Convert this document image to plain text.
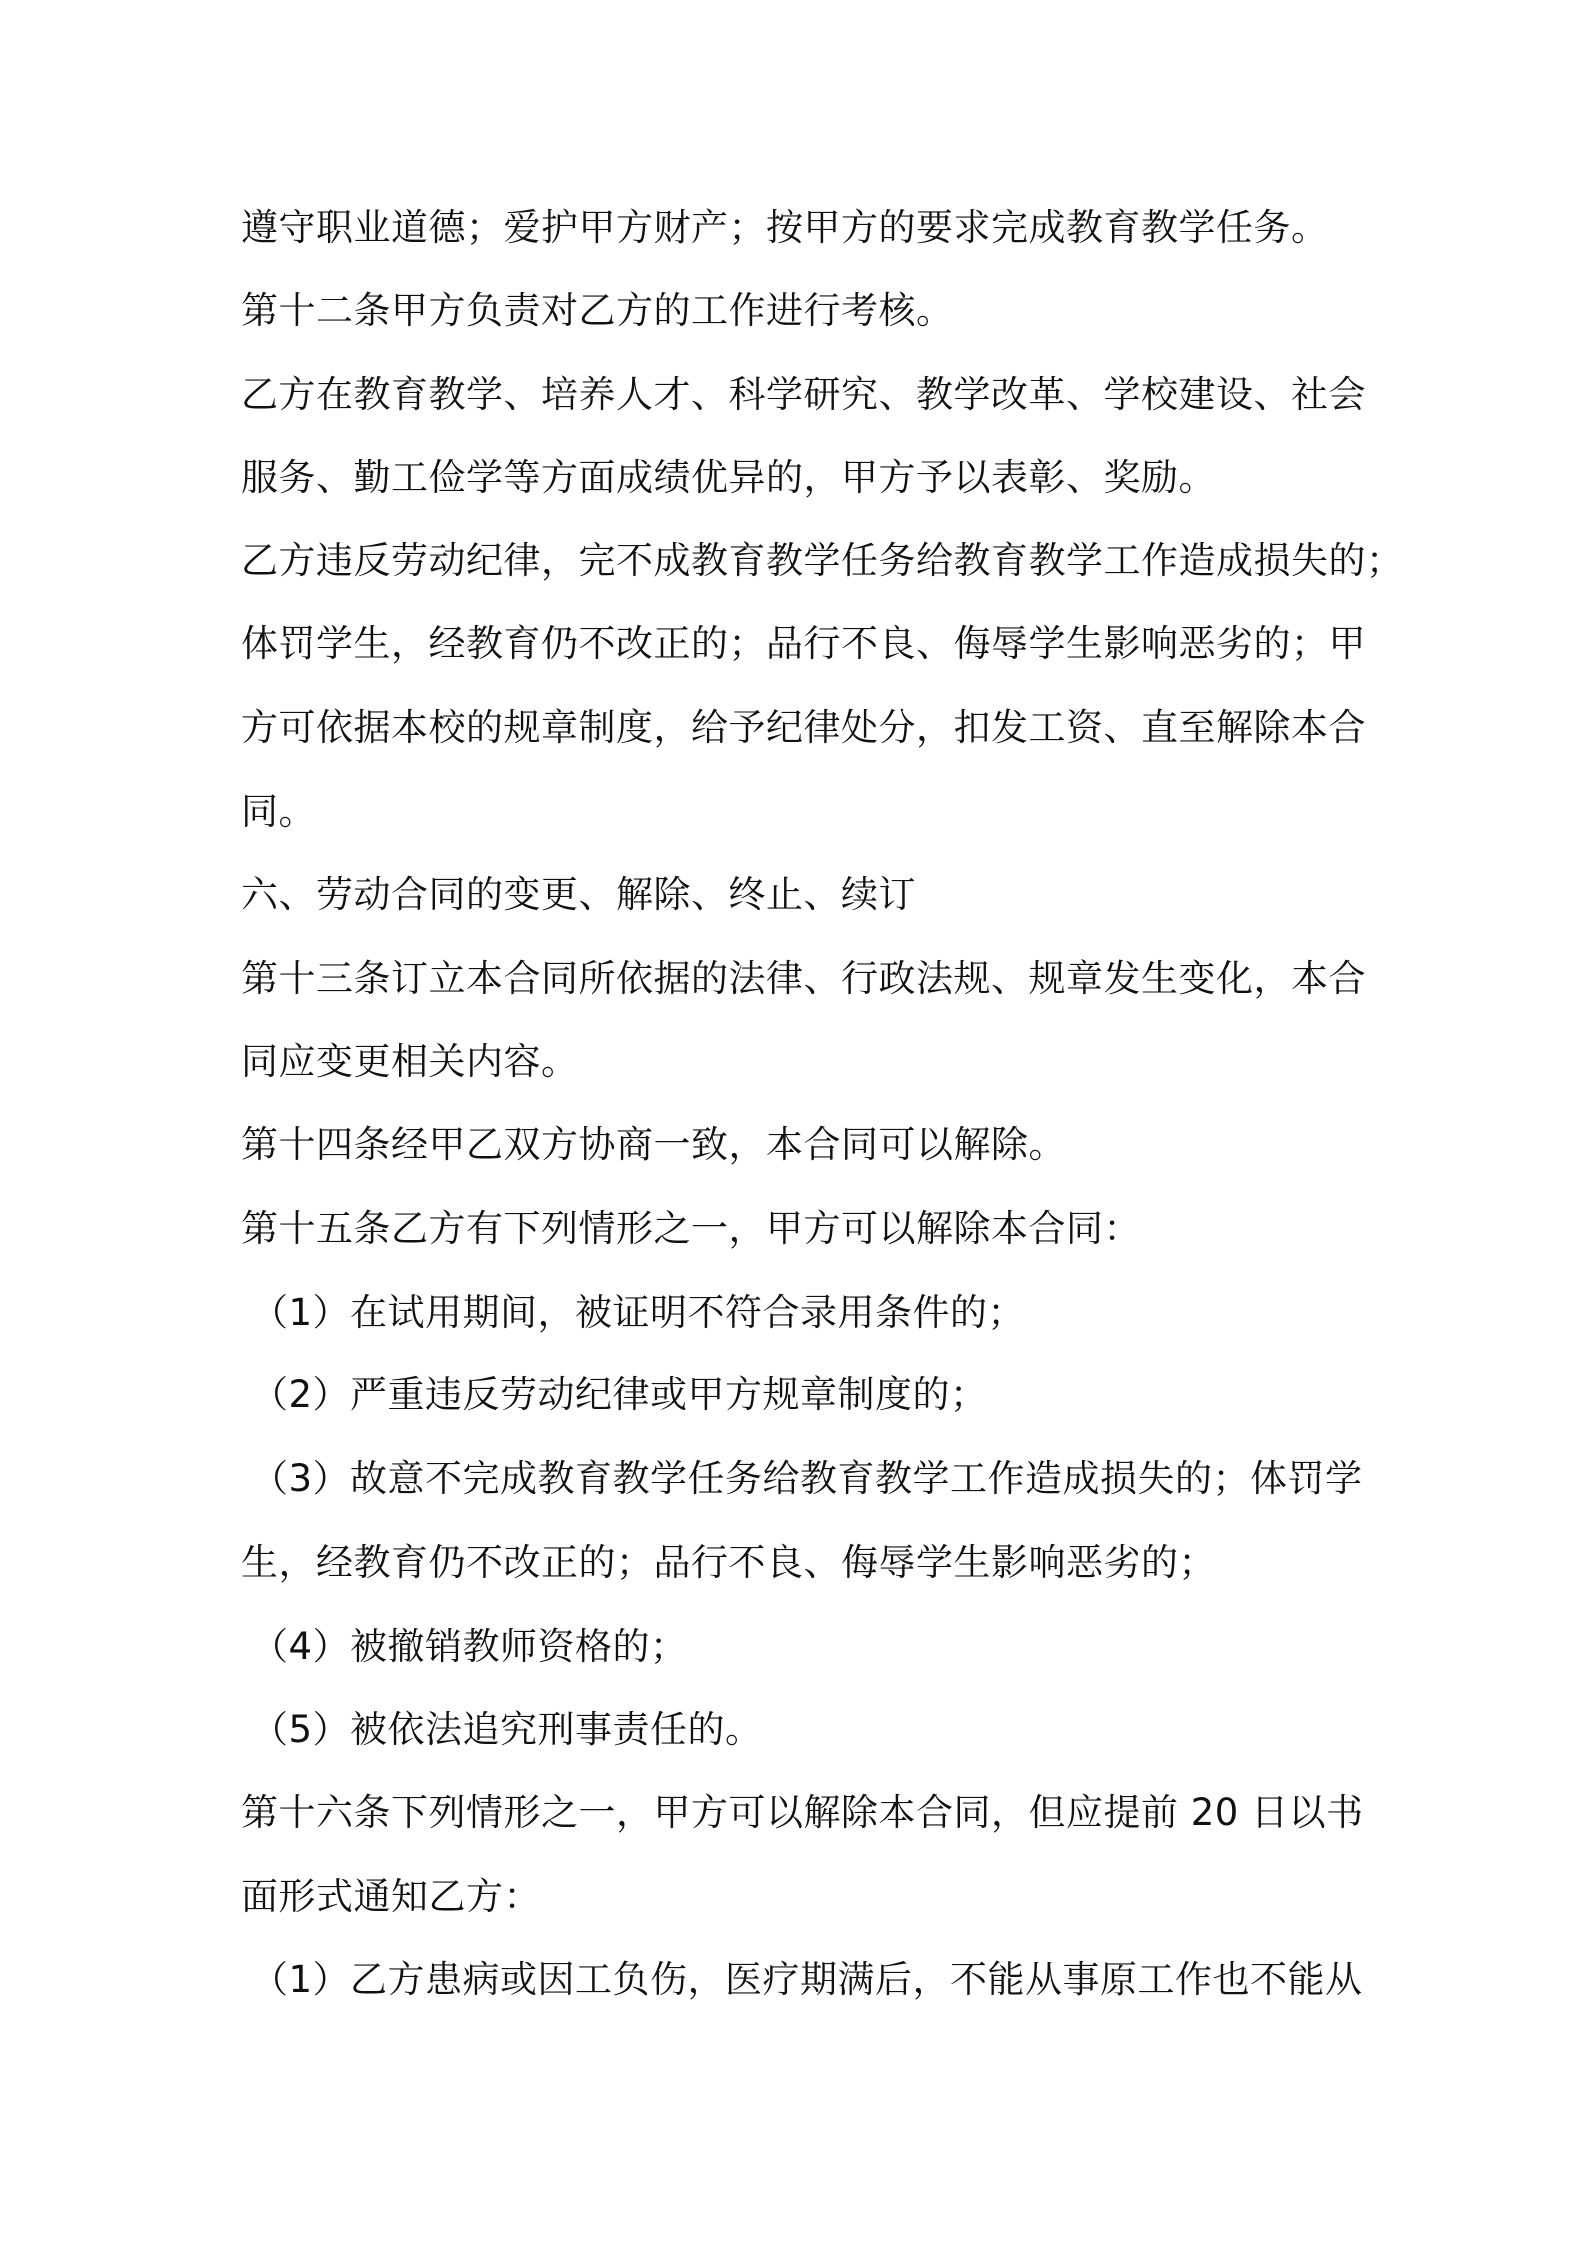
遵守职业道德；爱护甲方财产；按甲方的要求完成教育教学任务。
第十二条甲方负责对乙方的工作进行考核。
乙方在教育教学、培养人才、科学研究、教学改革、学校建设、社会
服务、勤工俭学等方面成绩优异的，甲方予以表彰、奖励。
乙方违反劳动纪律，完不成教育教学任务给教育教学工作造成损失的；
体罚学生，经教育仍不改正的；品行不良、侮辱学生影响恶劣的；甲
方可依据本校的规章制度，给予纪律处分，扣发工资、直至解除本合
同。
六、劳动合同的变更、解除、终止、续订
第十三条订立本合同所依据的法律、行政法规、规章发生变化，本合
同应变更相关内容。
第十四条经甲乙双方协商一致，本合同可以解除。
第十五条乙方有下列情形之一，甲方可以解除本合同：
（1）在试用期间，被证明不符合录用条件的；
（2）严重违反劳动纪律或甲方规章制度的；
（3）故意不完成教育教学任务给教育教学工作造成损失的；体罚学
生，经教育仍不改正的；品行不良、侮辱学生影响恶劣的；
（4）被撤销教师资格的；
（5）被依法追究刑事责任的。
第十六条下列情形之一，甲方可以解除本合同，但应提前 20 日以书
面形式通知乙方：
（1）乙方患病或因工负伤，医疗期满后，不能从事原工作也不能从
